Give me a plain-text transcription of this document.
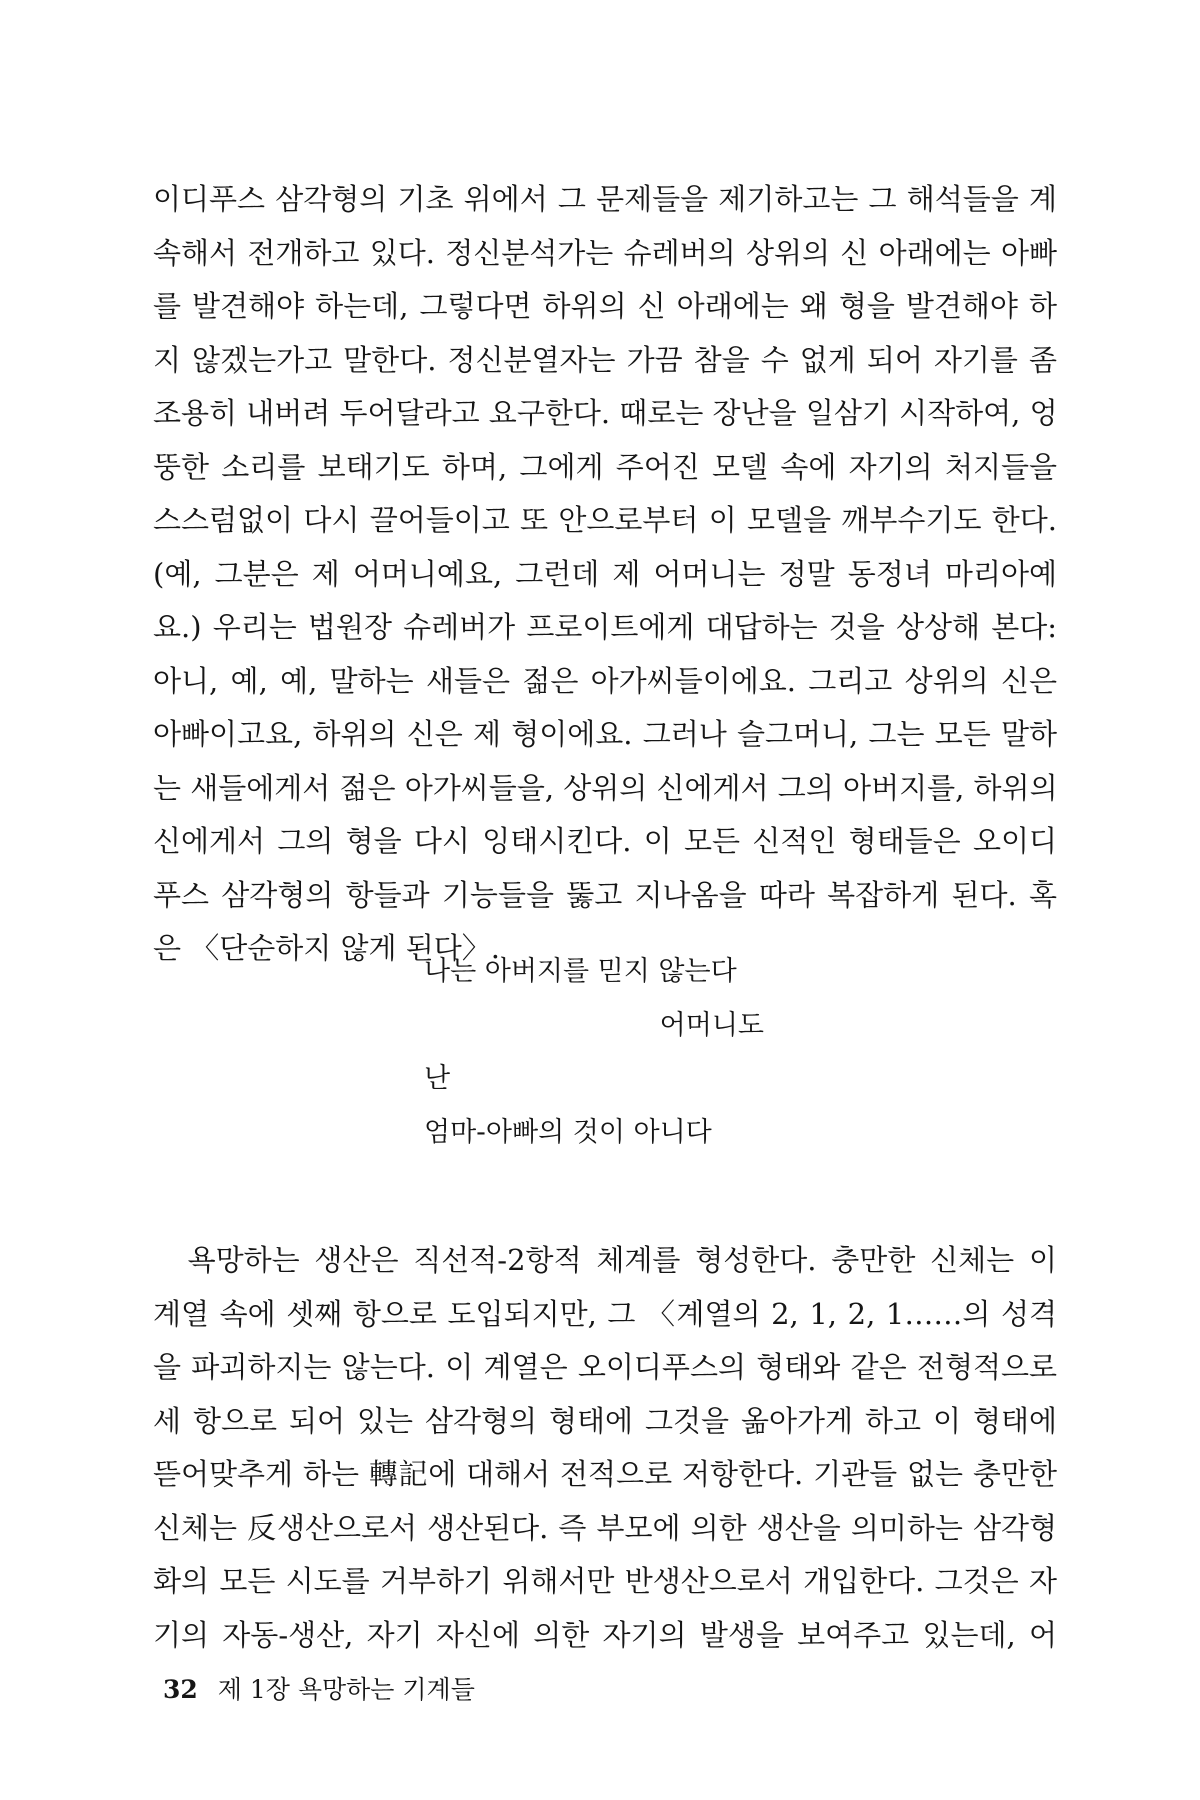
이디푸스 삼각형의 기초 위에서 그 문제들을 제기하고는 그 해석들을 계
속해서 전개하고 있다. 정신분석가는 슈레버의 상위의 신 아래에는 아빠
를 발견해야 하는데, 그렇다면 하위의 신 아래에는 왜 형을 발견해야 하
지 않겠는가고 말한다. 정신분열자는 가끔 참을 수 없게 되어 자기를 좀
조용히 내버려 두어달라고 요구한다. 때로는 장난을 일삼기 시작하여, 엉
뚱한 소리를 보태기도 하며, 그에게 주어진 모델 속에 자기의 처지들을
스스럼없이 다시 끌어들이고 또 안으로부터 이 모델을 깨부수기도 한다.
(예, 그분은 제 어머니예요, 그런데 제 어머니는 정말 동정녀 마리아예
요.) 우리는 법원장 슈레버가 프로이트에게 대답하는 것을 상상해 본다:
아니, 예, 예, 말하는 새들은 젊은 아가씨들이에요. 그리고 상위의 신은
아빠이고요, 하위의 신은 제 형이에요. 그러나 슬그머니, 그는 모든 말하
는 새들에게서 젊은 아가씨들을, 상위의 신에게서 그의 아버지를, 하위의
신에게서 그의 형을 다시 잉태시킨다. 이 모든 신적인 형태들은 오이디
푸스 삼각형의 항들과 기능들을 뚫고 지나옴을 따라 복잡하게 된다. 혹
은 〈단순하지 않게 된다〉.
나는 아버지를 믿지 않는다
어머니도
난
엄마-아빠의 것이 아니다
　욕망하는 생산은 직선적-2항적 체계를 형성한다. 충만한 신체는 이
계열 속에 셋째 항으로 도입되지만, 그 〈계열의 2, 1, 2, 1……의 성격
을 파괴하지는 않는다. 이 계열은 오이디푸스의 형태와 같은 전형적으로
세 항으로 되어 있는 삼각형의 형태에 그것을 옮아가게 하고 이 형태에
뜯어맞추게 하는 轉記에 대해서 전적으로 저항한다. 기관들 없는 충만한
신체는 反생산으로서 생산된다. 즉 부모에 의한 생산을 의미하는 삼각형
화의 모든 시도를 거부하기 위해서만 반생산으로서 개입한다. 그것은 자
기의 자동-생산, 자기 자신에 의한 자기의 발생을 보여주고 있는데, 어
32 제 1장 욕망하는 기계들
